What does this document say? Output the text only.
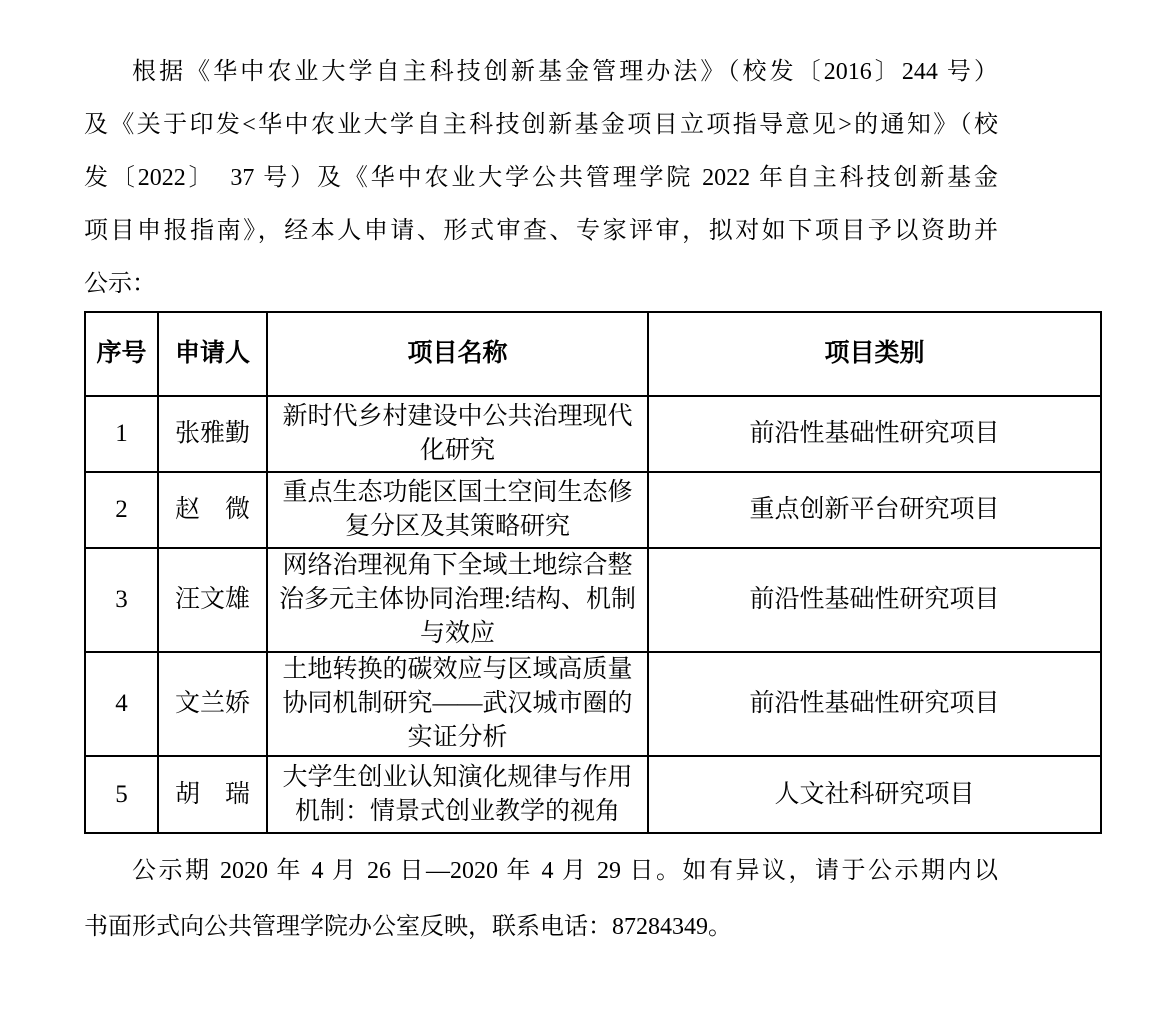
根据《华中农业大学自主科技创新基金管理办法》（校发〔2016〕244 号）
及《关于印发<华中农业大学自主科技创新基金项目立项指导意见>的通知》（校
发〔2022〕　37 号）及《华中农业大学公共管理学院 2022 年自主科技创新基金
项目申报指南》，经本人申请、形式审查、专家评审，拟对如下项目予以资助并
公示：
序号	申请人	项目名称	项目类别
1	张雅勤	新时代乡村建设中公共治理现代
化研究	前沿性基础性研究项目
2	赵　微	重点生态功能区国土空间生态修
复分区及其策略研究	重点创新平台研究项目
3	汪文雄	网络治理视角下全域土地综合整
治多元主体协同治理:结构、机制
与效应	前沿性基础性研究项目
4	文兰娇	土地转换的碳效应与区域高质量
协同机制研究——武汉城市圈的
实证分析	前沿性基础性研究项目
5	胡　瑞	大学生创业认知演化规律与作用
机制：情景式创业教学的视角	人文社科研究项目
公示期 2020 年 4 月 26 日—2020 年 4 月 29 日。如有异议，请于公示期内以
书面形式向公共管理学院办公室反映，联系电话：87284349。
